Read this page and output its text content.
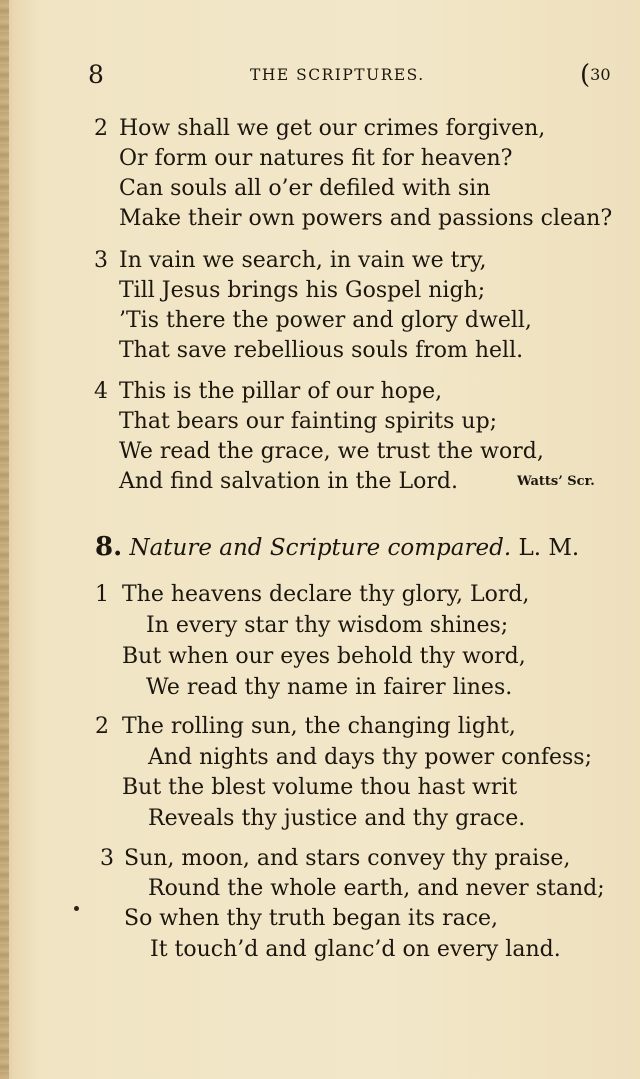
8	THE SCRIPTURES.	(30
2 How shall we get our crimes forgiven,
Or form our natures fit for heaven?
Can souls all o’er defiled with sin
Make their own powers and passions clean?
3 In vain we search, in vain we try,
Till Jesus brings his Gospel nigh;
’Tis there the power and glory dwell,
That save rebellious souls from hell.
4 This is the pillar of our hope,
That bears our fainting spirits up;
We read the grace, we trust the word,
And find salvation in the Lord.	Watts’ Scr.
8. Nature and Scripture compared. L. M.
1 The heavens declare thy glory, Lord,
In every star thy wisdom shines;
But when our eyes behold thy word,
We read thy name in fairer lines.
2 The rolling sun, the changing light,
And nights and days thy power confess;
But the blest volume thou hast writ
Reveals thy justice and thy grace.
3 Sun, moon, and stars convey thy praise,
Round the whole earth, and never stand;
So when thy truth began its race,
It touch’d and glanc’d on every land.
